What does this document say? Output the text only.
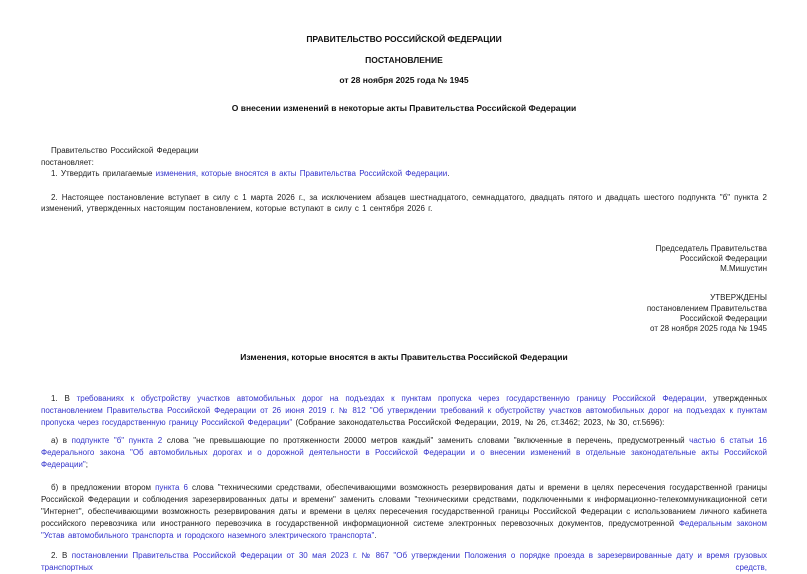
ПРАВИТЕЛЬСТВО РОССИЙСКОЙ ФЕДЕРАЦИИ
ПОСТАНОВЛЕНИЕ
от 28 ноября 2025 года № 1945
О внесении изменений в некоторые акты Правительства Российской Федерации
Правительство Российской Федерации
постановляет:
1. Утвердить прилагаемые изменения, которые вносятся в акты Правительства Российской Федерации.
2. Настоящее постановление вступает в силу с 1 марта 2026 г., за исключением абзацев шестнадцатого, семнадцатого, двадцать пятого и двадцать шестого подпункта "б" пункта 2 изменений, утвержденных настоящим постановлением, которые вступают в силу с 1 сентября 2026 г.
Председатель Правительства
Российской Федерации
М.Мишустин
УТВЕРЖДЕНЫ
постановлением Правительства
Российской Федерации
от 28 ноября 2025 года № 1945
Изменения, которые вносятся в акты Правительства Российской Федерации
1. В требованиях к обустройству участков автомобильных дорог на подъездах к пунктам пропуска через государственную границу Российской Федерации, утвержденных постановлением Правительства Российской Федерации от 26 июня 2019 г. № 812 "Об утверждении требований к обустройству участков автомобильных дорог на подъездах к пунктам пропуска через государственную границу Российской Федерации" (Собрание законодательства Российской Федерации, 2019, № 26, ст.3462; 2023, № 30, ст.5696):
а) в подпункте "б" пункта 2 слова "не превышающие по протяженности 20000 метров каждый" заменить словами "включенные в перечень, предусмотренный частью 6 статьи 16 Федерального закона "Об автомобильных дорогах и о дорожной деятельности в Российской Федерации и о внесении изменений в отдельные законодательные акты Российской Федерации";
б) в предложении втором пункта 6 слова "техническими средствами, обеспечивающими возможность резервирования даты и времени в целях пересечения государственной границы Российской Федерации и соблюдения зарезервированных даты и времени" заменить словами "техническими средствами, подключенными к информационно-телекоммуникационной сети "Интернет", обеспечивающими возможность резервирования даты и времени в целях пересечения государственной границы Российской Федерации с использованием личного кабинета российского перевозчика или иностранного перевозчика в государственной информационной системе электронных перевозочных документов, предусмотренной Федеральным законом "Устав автомобильного транспорта и городского наземного электрического транспорта".
2. В постановлении Правительства Российской Федерации от 30 мая 2023 г. № 867 "Об утверждении Положения о порядке проезда в зарезервированные дату и время грузовых транспортных средств,
